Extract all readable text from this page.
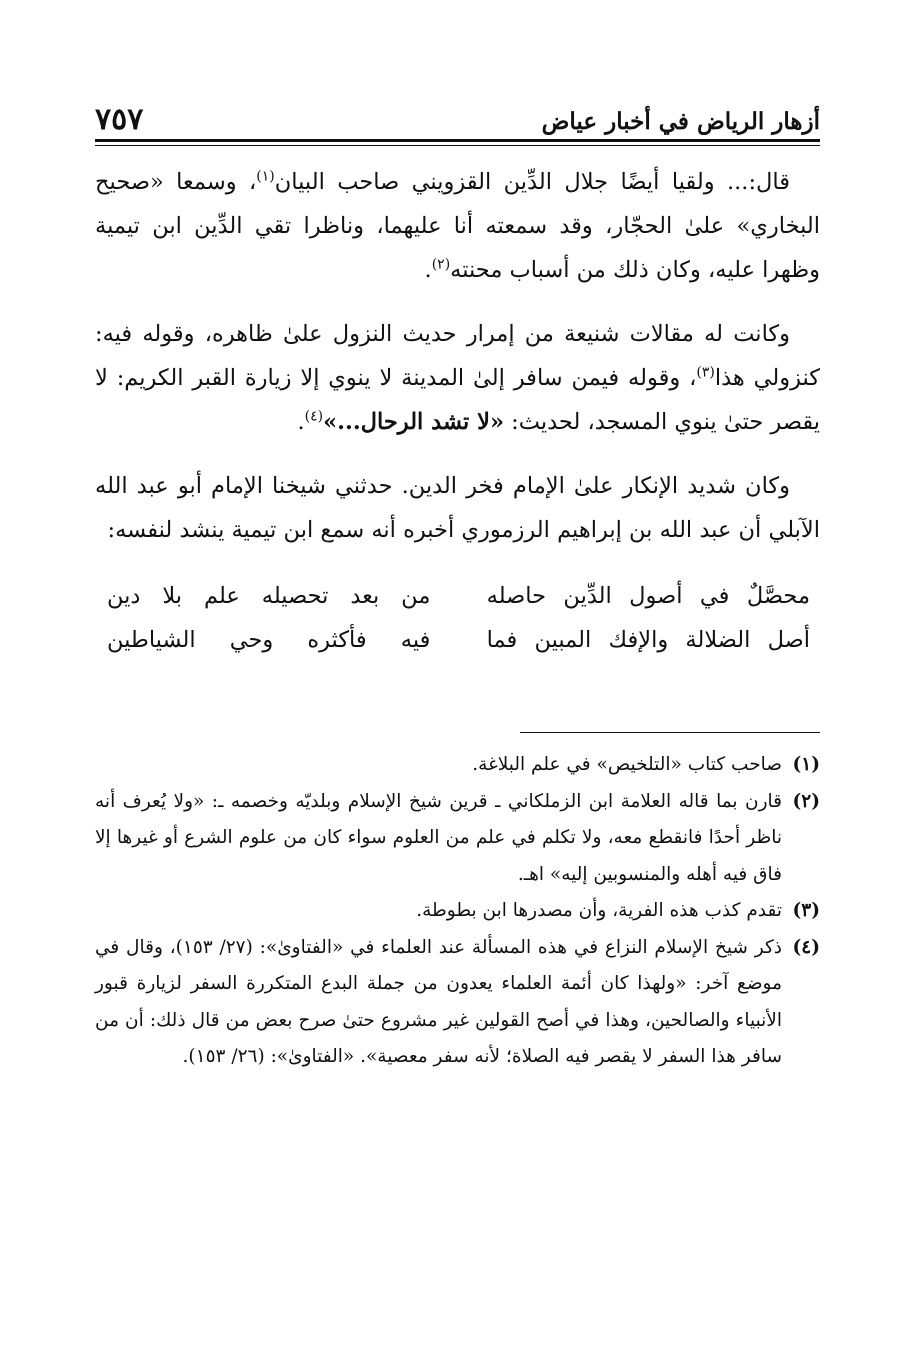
أزهار الرياض في أخبار عياض
٧٥٧

قال:... ولقيا أيضًا جلال الدِّين القزويني صاحب البيان$^{(١)}$، وسمعا «صحيح البخاري» علىٰ الحجّار، وقد سمعته أنا عليهما، وناظرا تقي الدِّين ابن تيمية وظهرا عليه، وكان ذلك من أسباب محنته$^{(٢)}$.

وكانت له مقالات شنيعة من إمرار حديث النزول علىٰ ظاهره، وقوله فيه: كنزولي هذا$^{(٣)}$، وقوله فيمن سافر إلىٰ المدينة لا ينوي إلا زيارة القبر الكريم: لا يقصر حتىٰ ينوي المسجد، لحديث: «لا تشد الرحال...»$^{(٤)}$.

وكان شديد الإنكار علىٰ الإمام فخر الدين. حدثني شيخنا الإمام أبو عبد الله الآبلي أن عبد الله بن إبراهيم الرزموري أخبره أنه سمع ابن تيمية ينشد لنفسه:

محصَّلٌ في أصول الدِّين حاصله
من بعد تحصيله علم بلا دين
أصل الضلالة والإفك المبين فما
فيه فأكثره وحي الشياطين
(١)
صاحب كتاب «التلخيص» في علم البلاغة.
(٢)
قارن بما قاله العلامة ابن الزملكاني ـ قرين شيخ الإسلام وبلديّه وخصمه ـ: «ولا يُعرف أنه ناظر أحدًا فانقطع معه، ولا تكلم في علم من العلوم سواء كان من علوم الشرع أو غيرها إلا فاق فيه أهله والمنسوبين إليه» اهـ.
(٣)
تقدم كذب هذه الفرية، وأن مصدرها ابن بطوطة.
(٤)
ذكر شيخ الإسلام النزاع في هذه المسألة عند العلماء في «الفتاوىٰ»: (٢٧/ ١٥٣)، وقال في موضع آخر: «ولهذا كان أئمة العلماء يعدون من جملة البدع المتكررة السفر لزيارة قبور الأنبياء والصالحين، وهذا في أصح القولين غير مشروع حتىٰ صرح بعض من قال ذلك: أن من سافر هذا السفر لا يقصر فيه الصلاة؛ لأنه سفر معصية». «الفتاوىٰ»: (٢٦/ ١٥٣).
